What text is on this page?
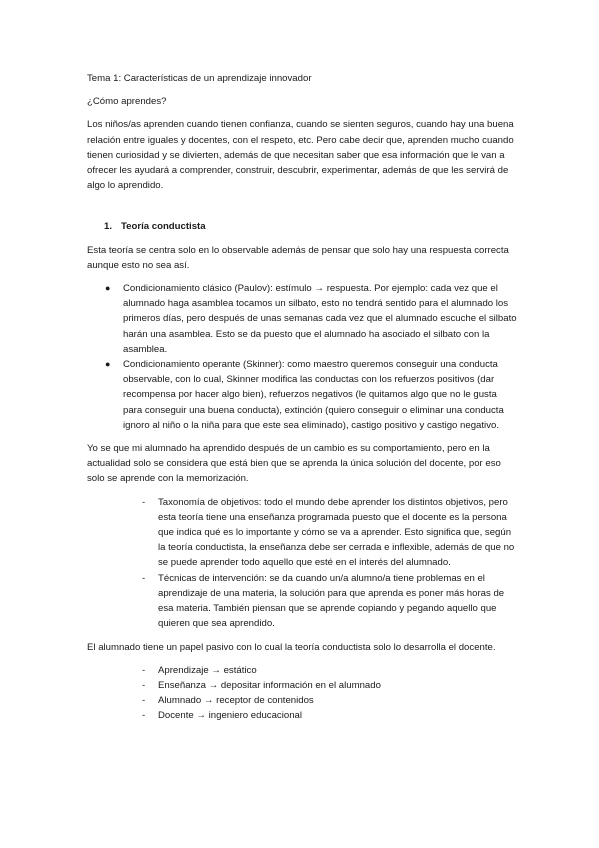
Tema 1: Características de un aprendizaje innovador

¿Cómo aprendes?

Los niños/as aprenden cuando tienen confianza, cuando se sienten seguros, cuando hay una buena relación entre iguales y docentes, con el respeto, etc. Pero cabe decir que, aprenden mucho cuando tienen curiosidad y se divierten, además de que necesitan saber que esa información que le van a ofrecer les ayudará a comprender, construir, descubrir, experimentar, además de que les servirá de algo lo aprendido.

1. Teoría conductista

Esta teoría se centra solo en lo observable además de pensar que solo hay una respuesta correcta aunque esto no sea así.

● Condicionamiento clásico (Paulov): estímulo → respuesta. Por ejemplo: cada vez que el alumnado haga asamblea tocamos un silbato, esto no tendrá sentido para el alumnado los primeros días, pero después de unas semanas cada vez que el alumnado escuche el silbato harán una asamblea. Esto se da puesto que el alumnado ha asociado el silbato con la asamblea.
● Condicionamiento operante (Skinner): como maestro queremos conseguir una conducta observable, con lo cual, Skinner modifica las conductas con los refuerzos positivos (dar recompensa por hacer algo bien), refuerzos negativos (le quitamos algo que no le gusta para conseguir una buena conducta), extinción (quiero conseguir o eliminar una conducta ignoro al niño o la niña para que este sea eliminado), castigo positivo y castigo negativo.

Yo se que mi alumnado ha aprendido después de un cambio es su comportamiento, pero en la actualidad solo se considera que está bien que se aprenda la única solución del docente, por eso solo se aprende con la memorización.

- Taxonomía de objetivos: todo el mundo debe aprender los distintos objetivos, pero esta teoría tiene una enseñanza programada puesto que el docente es la persona que indica qué es lo importante y cómo se va a aprender. Esto significa que, según la teoría conductista, la enseñanza debe ser cerrada e inflexible, además de que no se puede aprender todo aquello que esté en el interés del alumnado.
- Técnicas de intervención: se da cuando un/a alumno/a tiene problemas en el aprendizaje de una materia, la solución para que aprenda es poner más horas de esa materia. También piensan que se aprende copiando y pegando aquello que quieren que sea aprendido.

El alumnado tiene un papel pasivo con lo cual la teoría conductista solo lo desarrolla el docente.

- Aprendizaje → estático
- Enseñanza → depositar información en el alumnado
- Alumnado → receptor de contenidos
- Docente → ingeniero educacional
